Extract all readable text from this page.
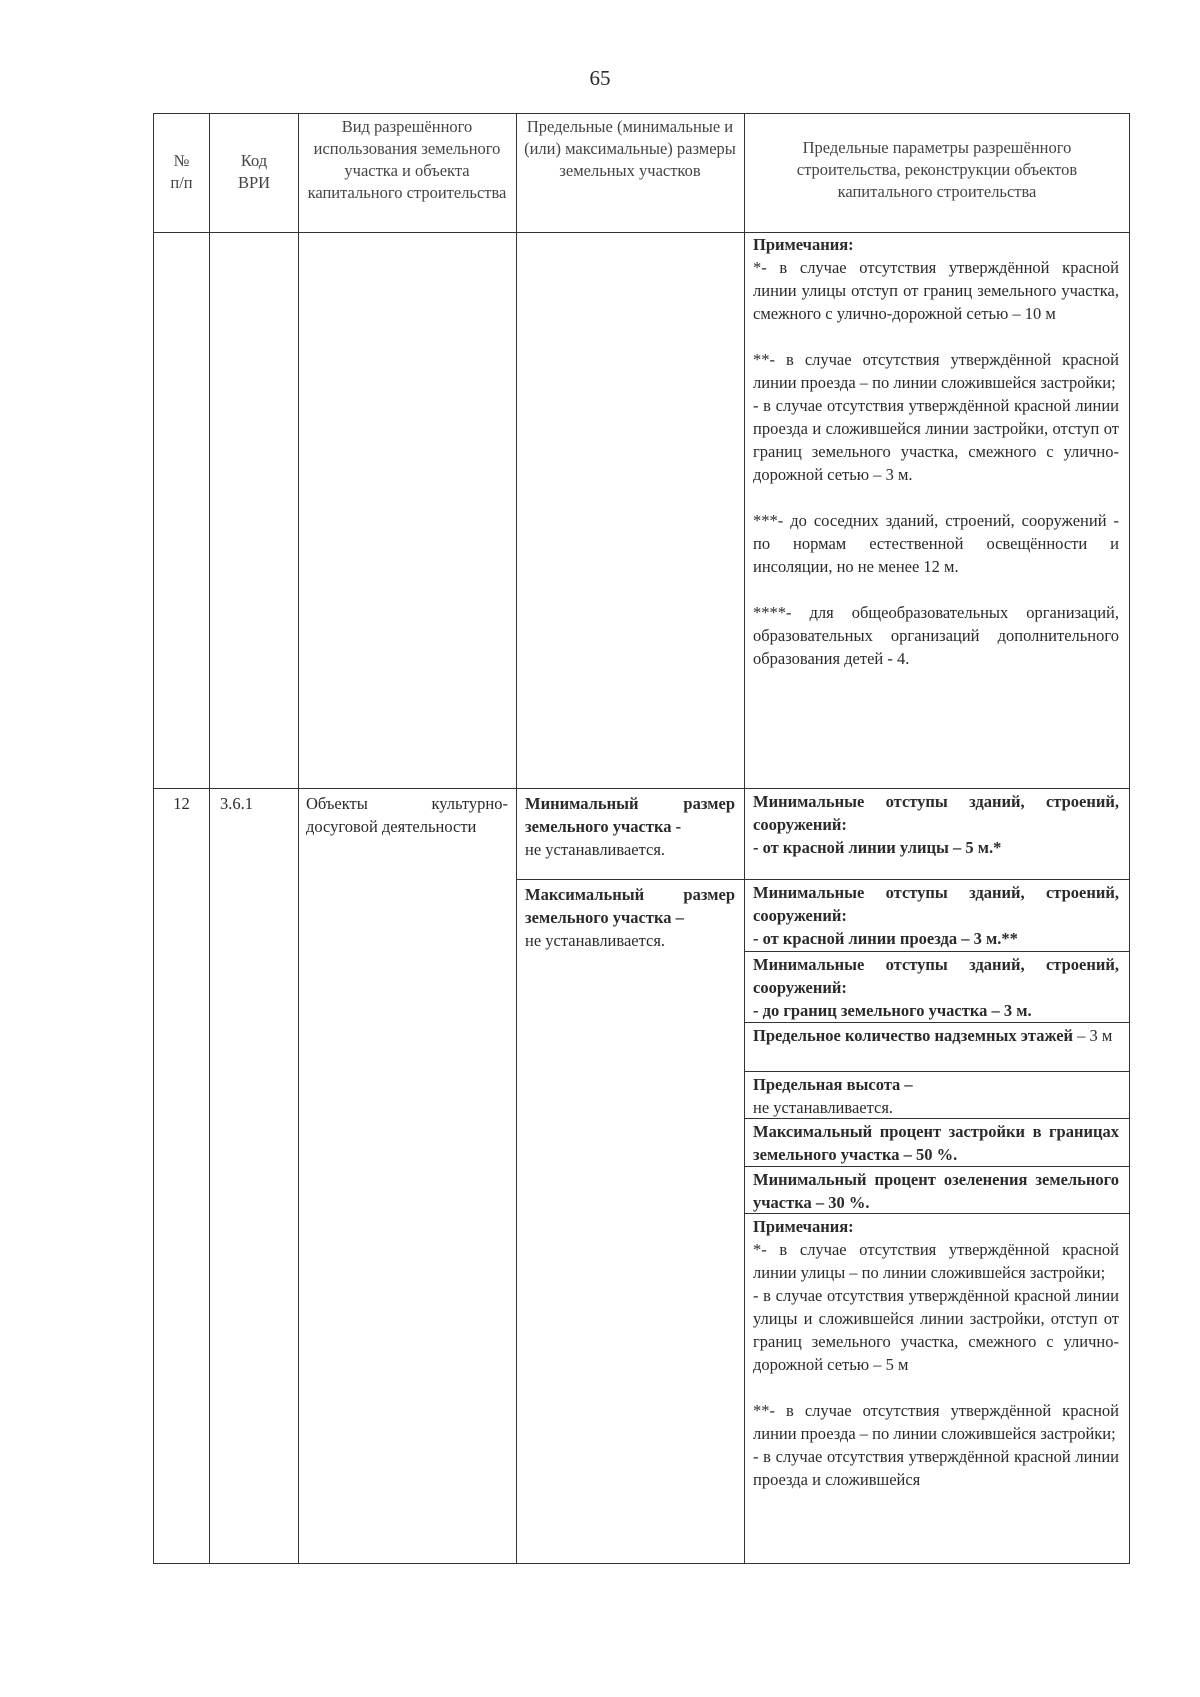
65
№
п/п
Код
ВРИ
Вид разрешённого использования земельного участка и объекта капитального строительства
Предельные (минимальные и (или) максимальные) размеры земельных участков
Предельные параметры разрешённого строительства, реконструкции объектов капитального строительства
Примечания:

*- в случае отсутствия утверждённой красной линии улицы отступ от границ земельного участка, смежного с улично-дорожной сетью – 10 м

**- в случае отсутствия утверждённой красной линии проезда – по линии сложившейся застройки;

- в случае отсутствия утверждённой красной линии проезда и сложившейся линии застройки, отступ от границ земельного участка, смежного с улично-дорожной сетью – 3 м.

***- до соседних зданий, строений, сооружений - по нормам естественной освещённости и инсоляции, но не менее 12 м.

****- для общеобразовательных организаций, образовательных организаций дополнительного образования детей - 4.

12	3.6.1	Объекты культурно-досуговой деятельности
Минимальный размер земельного участка -
не устанавливается.
Максимальный размер земельного участка –
не устанавливается.
Минимальные отступы зданий, строений, сооружений:
- от красной линии улицы – 5 м.*
Минимальные отступы зданий, строений, сооружений:
- от красной линии проезда – 3 м.**
Минимальные отступы зданий, строений, сооружений:
- до границ земельного участка – 3 м.
Предельное количество надземных этажей – 3 м
Предельная высота –
не устанавливается.
Максимальный процент застройки в границах земельного участка – 50 %.
Минимальный процент озеленения земельного участка – 30 %.
Примечания:

*- в случае отсутствия утверждённой красной линии улицы – по линии сложившейся застройки;

- в случае отсутствия утверждённой красной линии улицы и сложившейся линии застройки, отступ от границ земельного участка, смежного с улично-дорожной сетью – 5 м

**- в случае отсутствия утверждённой красной линии проезда – по линии сложившейся застройки;

- в случае отсутствия утверждённой красной линии проезда и сложившейся
